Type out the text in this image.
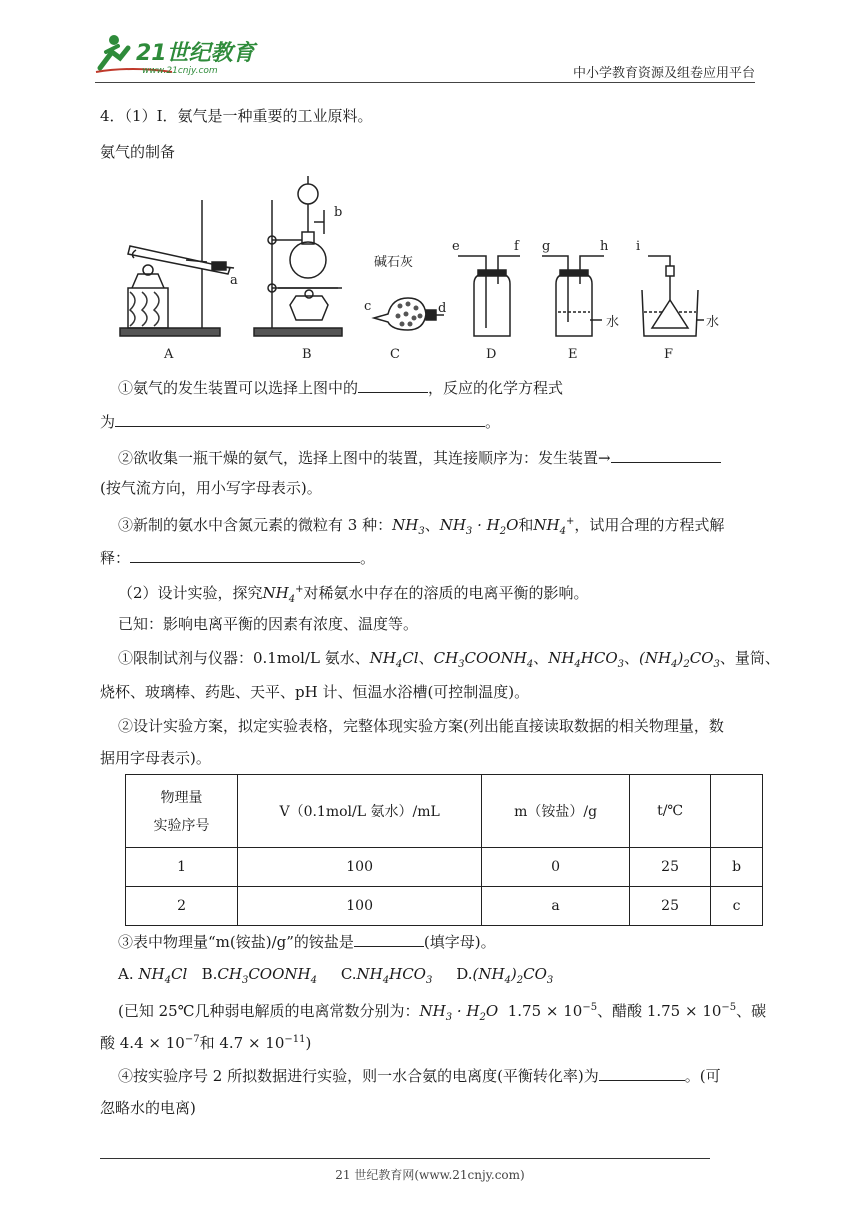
21世纪教育
www.21cnjy.com	中小学教育资源及组卷应用平台
4．（1）I．氨气是一种重要的工业原料。
氨气的制备
a
A
b
B
碱石灰
c	d
C
e	f
D
g	h
水
E
i
水
F
①氨气的发生装置可以选择上图中的	，反应的化学方程式
为	。
②欲收集一瓶干燥的氨气，选择上图中的装置，其连接顺序为：发生装置→
(按气流方向，用小写字母表示)。
③新制的氨水中含氮元素的微粒有 3 种：$NH_3$、$NH_3 \cdot H_2O$和$NH_4^+$，试用合理的方程式解
释：	。
（2）设计实验，探究$NH_4^+$对稀氨水中存在的溶质的电离平衡的影响。
已知：影响电离平衡的因素有浓度、温度等。
①限制试剂与仪器：0.1mol/L 氨水、$NH_4Cl$、$CH_3COONH_4$、$NH_4HCO_3$、$(NH_4)_2CO_3$、量筒、
烧杯、玻璃棒、药匙、天平、pH 计、恒温水浴槽(可控制温度)。
②设计实验方案，拟定实验表格，完整体现实验方案(列出能直接读取数据的相关物理量，数
据用字母表示)。
物理量
实验序号	V（0.1mol/L 氨水）/mL	m（铵盐）/g	t/℃	
1	100	0	25	b
2	100	a	25	c
③表中物理量“m(铵盐)/g”的铵盐是	(填字母)。
A. $NH_4Cl$ $B.CH_3COONH_4$ $C.NH_4HCO_3$ $D.(NH_4)_2CO_3$
(已知 25℃几种弱电解质的电离常数分别为：$NH_3 \cdot H_2O$ $1.75 \times 10^{-5}$、醋酸 $1.75 \times 10^{-5}$、碳
酸 $4.4 \times 10^{-7}$和 $4.7 \times 10^{-11}$)
④按实验序号 2 所拟数据进行实验，则一水合氨的电离度(平衡转化率)为	。(可
忽略水的电离)
21 世纪教育网(www.21cnjy.com)
